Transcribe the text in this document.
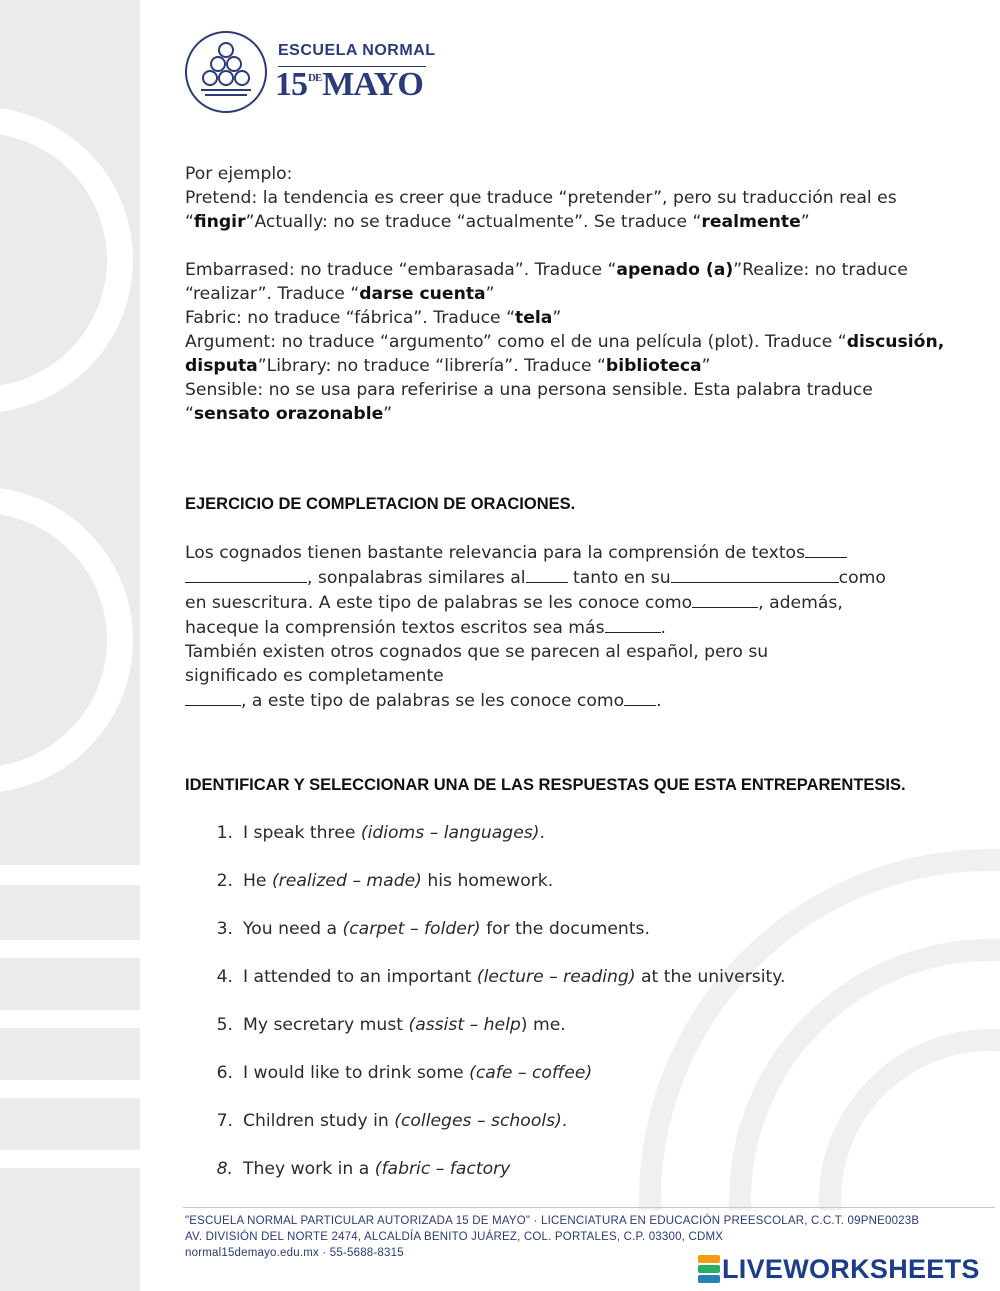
ESCUELA NORMAL
15DEMAYO

Por ejemplo:

Pretend: la tendencia es creer que traduce “pretender”, pero su traducción real es “fingir”Actually: no se traduce “actualmente”. Se traduce “realmente”

Embarrased: no traduce “embarasada”. Traduce “apenado (a)”Realize: no traduce “realizar”. Traduce “darse cuenta”

Fabric: no traduce “fábrica”. Traduce “tela”

Argument: no traduce “argumento” como el de una película (plot). Traduce “discusión, disputa”Library: no traduce “librería”. Traduce “biblioteca”

Sensible: no se usa para referirise a una persona sensible. Esta palabra traduce “sensato orazonable”

EJERCICIO DE COMPLETACION DE ORACIONES.

Los cognados tienen bastante relevancia para la comprensión de textos

, sonpalabras similares al	tanto en su	como

en suescritura. A este tipo de palabras se les conoce como	, además,

haceque la comprensión textos escritos sea más	.

También existen otros cognados que se parecen al español, pero su

significado es completamente

, a este tipo de palabras se les conoce como .

IDENTIFICAR Y SELECCIONAR UNA DE LAS RESPUESTAS QUE ESTA ENTREPARENTESIS.

1. I speak three (idioms – languages).
2. He (realized – made) his homework.
3. You need a (carpet – folder) for the documents.
4. I attended to an important (lecture – reading) at the university.
5. My secretary must (assist – help) me.
6. I would like to drink some (cafe – coffee)
7. Children study in (colleges – schools).
8. They work in a (fabric – factory
"ESCUELA NORMAL PARTICULAR AUTORIZADA 15 DE MAYO" · LICENCIATURA EN EDUCACIÓN PREESCOLAR, C.C.T. 09PNE0023B
AV. DIVISIÓN DEL NORTE 2474, ALCALDÍA BENITO JUÁREZ, COL. PORTALES, C.P. 03300, CDMX
normal15demayo.edu.mx · 55-5688-8315
LIVEWORKSHEETS
